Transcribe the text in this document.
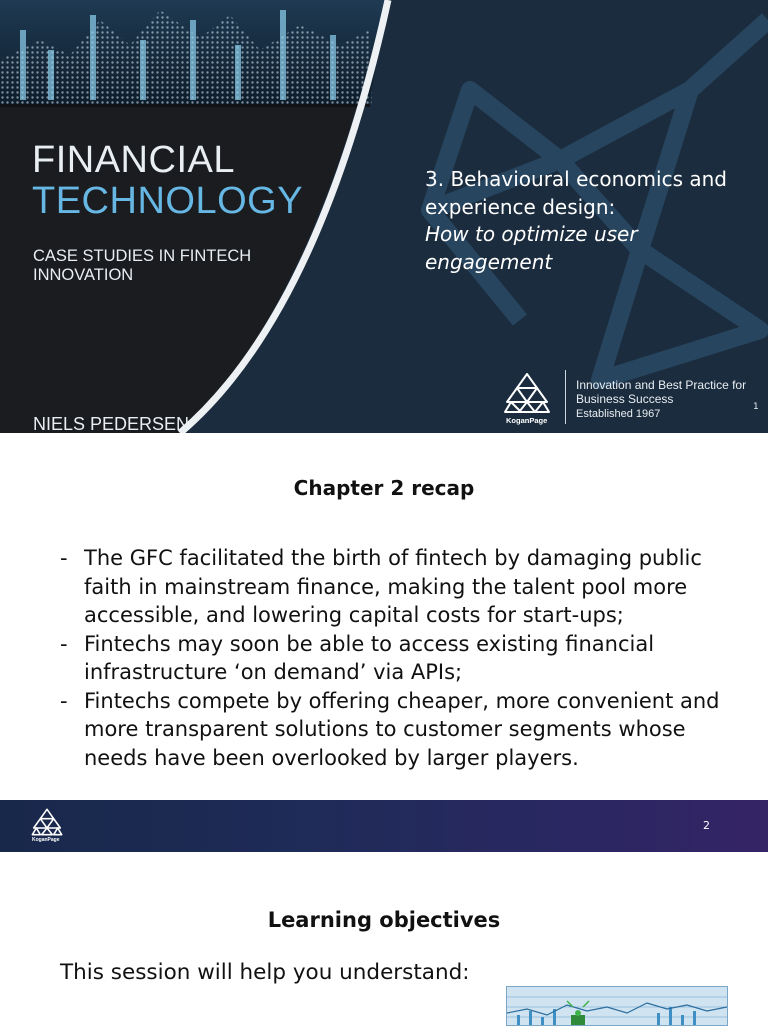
FINANCIAL
TECHNOLOGY
CASE STUDIES IN FINTECH INNOVATION
NIELS PEDERSEN
3. Behavioural economics and experience design:
How to optimize user engagement
KoganPage
Innovation and Best Practice for Business Success
Established 1967
1
Chapter 2 recap
- The GFC facilitated the birth of fintech by damaging public faith in mainstream finance, making the talent pool more accessible, and lowering capital costs for start-ups;
- Fintechs may soon be able to access existing financial infrastructure ‘on demand’ via APIs;
- Fintechs compete by offering cheaper, more convenient and more transparent solutions to customer segments whose needs have been overlooked by larger players.
KoganPage
2
Learning objectives
This session will help you understand:
